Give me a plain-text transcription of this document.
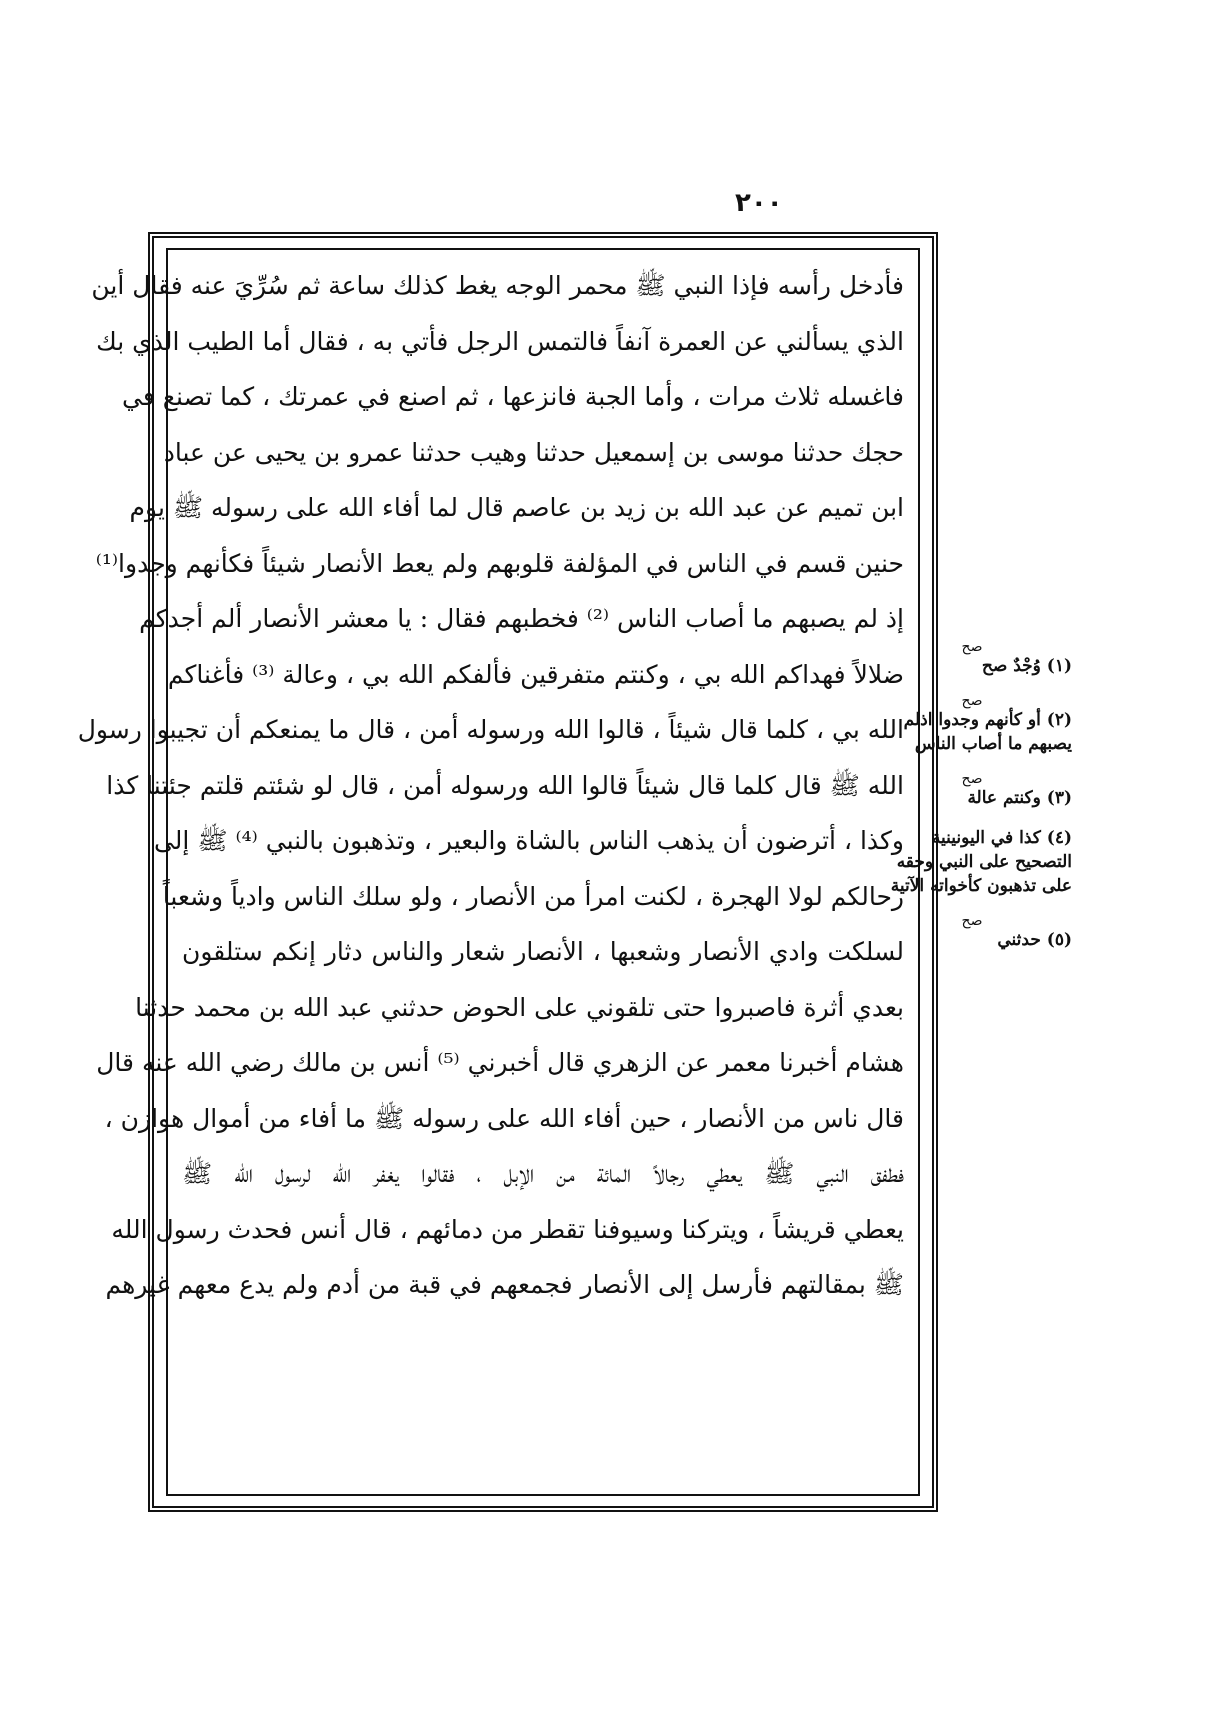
٢٠٠
فأدخل رأسه فإذا النبي ﷺ محمر الوجه يغط كذلك ساعة ثم سُرِّيَ عنه فقال أين
الذي يسألني عن العمرة آنفاً فالتمس الرجل فأتي به ، فقال أما الطيب الذي بك
فاغسله ثلاث مرات ، وأما الجبة فانزعها ، ثم اصنع في عمرتك ، كما تصنع في
حجك حدثنا موسى بن إسمعيل حدثنا وهيب حدثنا عمرو بن يحيى عن عباد
ابن تميم عن عبد الله بن زيد بن عاصم قال لما أفاء الله على رسوله ﷺ يوم
حنين قسم في الناس في المؤلفة قلوبهم ولم يعط الأنصار شيئاً فكأنهم وجدوا⁽¹⁾
إذ لم يصبهم ما أصاب الناس ⁽²⁾ فخطبهم فقال : يا معشر الأنصار ألم أجدكم
ضلالاً فهداكم الله بي ، وكنتم متفرقين فألفكم الله بي ، وعالة ⁽³⁾ فأغناكم
الله بي ، كلما قال شيئاً ، قالوا الله ورسوله أمن ، قال ما يمنعكم أن تجيبوا رسول
الله ﷺ قال كلما قال شيئاً قالوا الله ورسوله أمن ، قال لو شئتم قلتم جئتنا كذا
وكذا ، أترضون أن يذهب الناس بالشاة والبعير ، وتذهبون بالنبي ⁽⁴⁾ ﷺ إلى
رحالكم لولا الهجرة ، لكنت امرأ من الأنصار ، ولو سلك الناس وادياً وشعباً
لسلكت وادي الأنصار وشعبها ، الأنصار شعار والناس دثار إنكم ستلقون
بعدي أثرة فاصبروا حتى تلقوني على الحوض حدثني عبد الله بن محمد حدثنا
هشام أخبرنا معمر عن الزهري قال أخبرني ⁽⁵⁾ أنس بن مالك رضي الله عنه قال
قال ناس من الأنصار ، حين أفاء الله على رسوله ﷺ ما أفاء من أموال هوازن ،
فطفق النبي ﷺ يعطي رجالاً المائة من الإبل ، فقالوا يغفر الله لرسول الله ﷺ
يعطي قريشاً ، ويتركنا وسيوفنا تقطر من دمائهم ، قال أنس فحدث رسول الله
ﷺ بمقالتهم فأرسل إلى الأنصار فجمعهم في قبة من أدم ولم يدع معهم غيرهم
صح
(١) وُجْدٌ صح
صح
(٢) أو كأنهم وجدوا اذلم يصبهم ما أصاب الناس
صح
(٣) وكنتم عالة
(٤) كذا في اليونينية التصحيح على النبي وحقه على تذهبون كأخواته الآتية
صح
(٥) حدثني
